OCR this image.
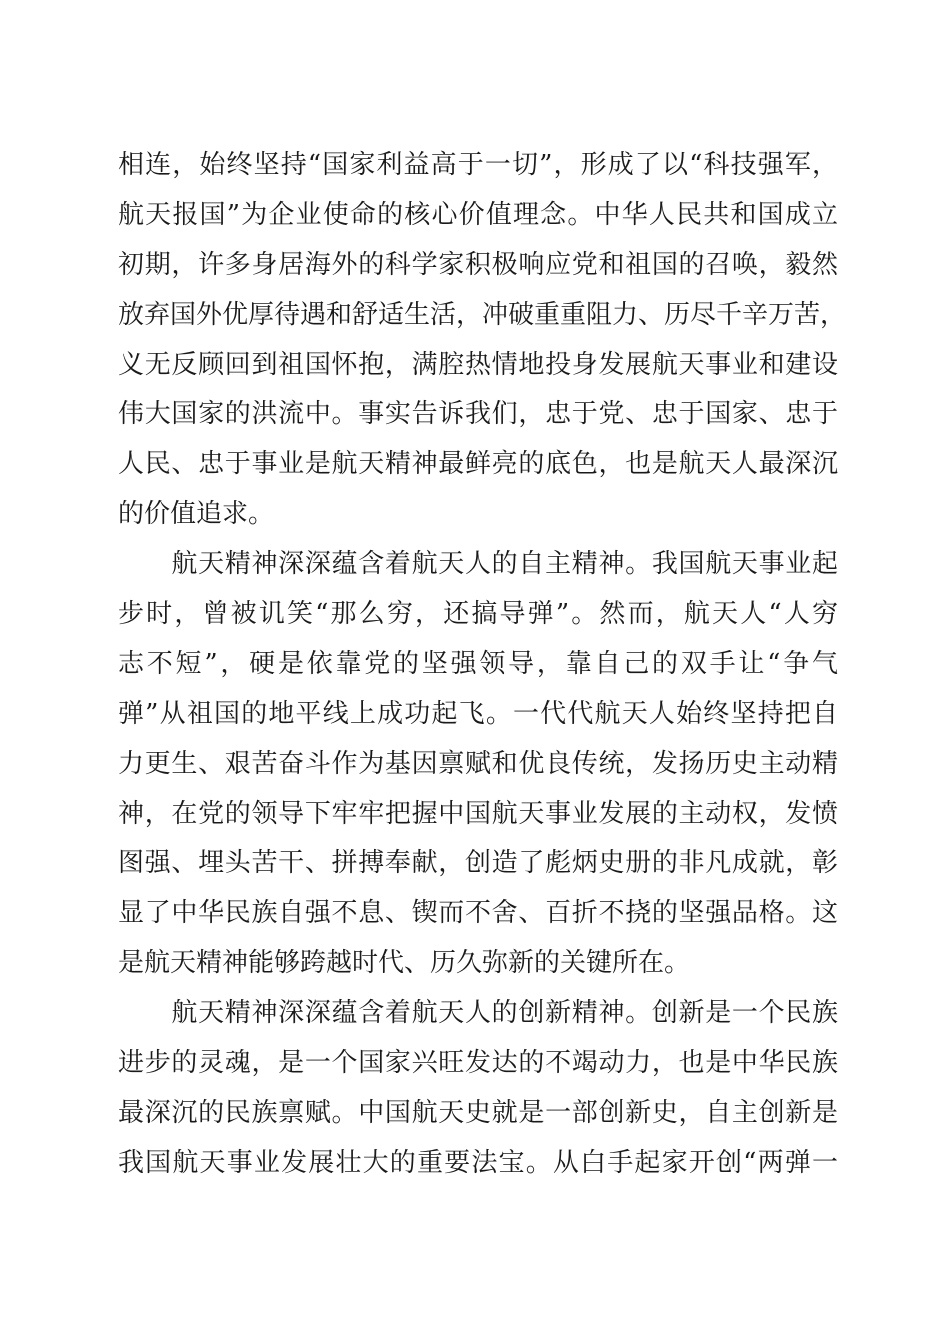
相连，始终坚持“国家利益高于一切”，形成了以“科技强军，
航天报国”为企业使命的核心价值理念。中华人民共和国成立
初期，许多身居海外的科学家积极响应党和祖国的召唤，毅然
放弃国外优厚待遇和舒适生活，冲破重重阻力、历尽千辛万苦，
义无反顾回到祖国怀抱，满腔热情地投身发展航天事业和建设
伟大国家的洪流中。事实告诉我们，忠于党、忠于国家、忠于
人民、忠于事业是航天精神最鲜亮的底色，也是航天人最深沉
的价值追求。
　　航天精神深深蕴含着航天人的自主精神。我国航天事业起
步时，曾被讥笑“那么穷，还搞导弹”。然而，航天人“人穷
志不短”，硬是依靠党的坚强领导，靠自己的双手让“争气
弹”从祖国的地平线上成功起飞。一代代航天人始终坚持把自
力更生、艰苦奋斗作为基因禀赋和优良传统，发扬历史主动精
神，在党的领导下牢牢把握中国航天事业发展的主动权，发愤
图强、埋头苦干、拼搏奉献，创造了彪炳史册的非凡成就，彰
显了中华民族自强不息、锲而不舍、百折不挠的坚强品格。这
是航天精神能够跨越时代、历久弥新的关键所在。
　　航天精神深深蕴含着航天人的创新精神。创新是一个民族
进步的灵魂，是一个国家兴旺发达的不竭动力，也是中华民族
最深沉的民族禀赋。中国航天史就是一部创新史，自主创新是
我国航天事业发展壮大的重要法宝。从白手起家开创“两弹一
